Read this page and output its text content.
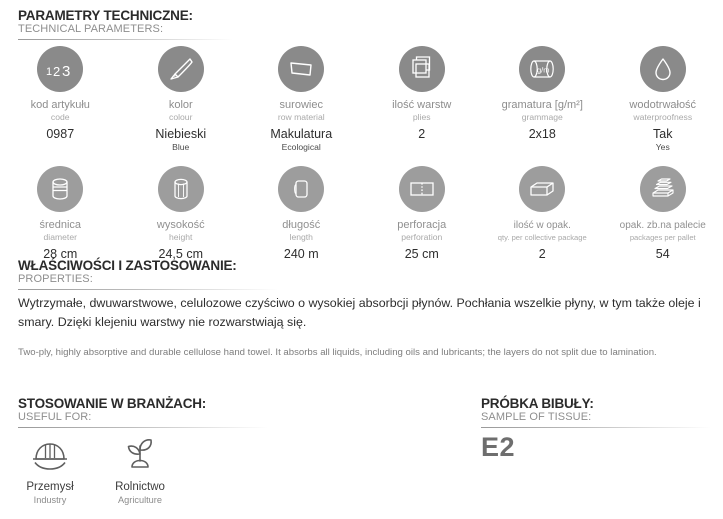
PARAMETRY TECHNICZNE:
TECHNICAL PARAMETERS:
1 2 3
kod artykułu
code
0987
kolor
colour
Niebieski
Blue
surowiec
row material
Makulatura
Ecological
ilość warstw
plies
2
g/m
gramatura [g/m²]
grammage
2x18
wodotrwałość
waterproofness
Tak
Yes
średnica
diameter
28 cm
wysokość
height
24,5 cm
długość
length
240 m
perforacja
perforation
25 cm
ilość w opak.
qty. per collective package
2
opak. zb.na palecie
packages per pallet
54
WŁAŚCIWOŚCI I ZASTOSOWANIE:
PROPERTIES:
Wytrzymałe, dwuwarstwowe, celulozowe czyściwo o wysokiej absorbcji płynów. Pochłania wszelkie płyny, w tym także oleje i smary. Dzięki klejeniu warstwy nie rozwarstwiają się.
Two-ply, highly absorptive and durable cellulose hand towel. It absorbs all liquids, including oils and lubricants; the layers do not split due to lamination.
STOSOWANIE W BRANŻACH:
USEFUL FOR:
Przemysł
Industry
Rolnictwo
Agriculture
PRÓBKA BIBUŁY:
SAMPLE OF TISSUE:
E2
